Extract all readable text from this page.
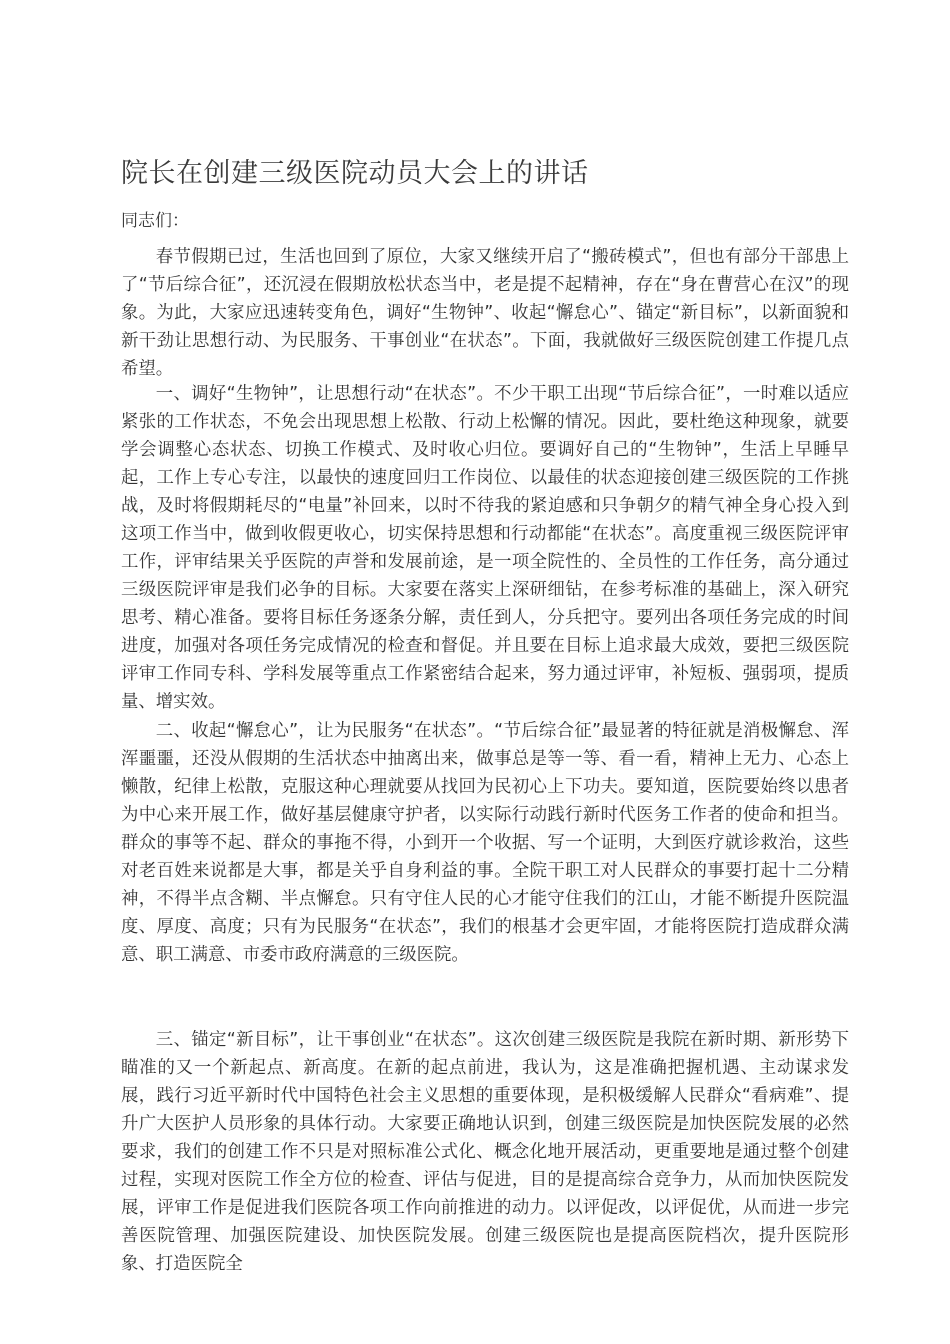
院长在创建三级医院动员大会上的讲话

同志们：

春节假期已过，生活也回到了原位，大家又继续开启了“搬砖模式”，但也有部分干部患上了“节后综合征”，还沉浸在假期放松状态当中，老是提不起精神，存在“身在曹营心在汉”的现象。为此，大家应迅速转变角色，调好“生物钟”、收起“懈怠心”、锚定“新目标”，以新面貌和新干劲让思想行动、为民服务、干事创业“在状态”。下面，我就做好三级医院创建工作提几点希望。

一、调好“生物钟”，让思想行动“在状态”。不少干职工出现“节后综合征”，一时难以适应紧张的工作状态，不免会出现思想上松散、行动上松懈的情况。因此，要杜绝这种现象，就要学会调整心态状态、切换工作模式、及时收心归位。要调好自己的“生物钟”，生活上早睡早起，工作上专心专注，以最快的速度回归工作岗位、以最佳的状态迎接创建三级医院的工作挑战，及时将假期耗尽的“电量”补回来，以时不待我的紧迫感和只争朝夕的精气神全身心投入到这项工作当中，做到收假更收心，切实保持思想和行动都能“在状态”。高度重视三级医院评审工作，评审结果关乎医院的声誉和发展前途，是一项全院性的、全员性的工作任务，高分通过三级医院评审是我们必争的目标。大家要在落实上深研细钻，在参考标准的基础上，深入研究思考、精心准备。要将目标任务逐条分解，责任到人，分兵把守。要列出各项任务完成的时间进度，加强对各项任务完成情况的检查和督促。并且要在目标上追求最大成效，要把三级医院评审工作同专科、学科发展等重点工作紧密结合起来，努力通过评审，补短板、强弱项，提质量、增实效。

二、收起“懈怠心”，让为民服务“在状态”。“节后综合征”最显著的特征就是消极懈怠、浑浑噩噩，还没从假期的生活状态中抽离出来，做事总是等一等、看一看，精神上无力、心态上懒散，纪律上松散，克服这种心理就要从找回为民初心上下功夫。要知道，医院要始终以患者为中心来开展工作，做好基层健康守护者，以实际行动践行新时代医务工作者的使命和担当。群众的事等不起、群众的事拖不得，小到开一个收据、写一个证明，大到医疗就诊救治，这些对老百姓来说都是大事，都是关乎自身利益的事。全院干职工对人民群众的事要打起十二分精神，不得半点含糊、半点懈怠。只有守住人民的心才能守住我们的江山，才能不断提升医院温度、厚度、高度；只有为民服务“在状态”，我们的根基才会更牢固，才能将医院打造成群众满意、职工满意、市委市政府满意的三级医院。

三、锚定“新目标”，让干事创业“在状态”。这次创建三级医院是我院在新时期、新形势下瞄准的又一个新起点、新高度。在新的起点前进，我认为，这是准确把握机遇、主动谋求发展，践行习近平新时代中国特色社会主义思想的重要体现，是积极缓解人民群众“看病难”、提升广大医护人员形象的具体行动。大家要正确地认识到，创建三级医院是加快医院发展的必然要求，我们的创建工作不只是对照标准公式化、概念化地开展活动，更重要地是通过整个创建过程，实现对医院工作全方位的检查、评估与促进，目的是提高综合竞争力，从而加快医院发展，评审工作是促进我们医院各项工作向前推进的动力。以评促改，以评促优，从而进一步完善医院管理、加强医院建设、加快医院发展。创建三级医院也是提高医院档次，提升医院形象、打造医院全
